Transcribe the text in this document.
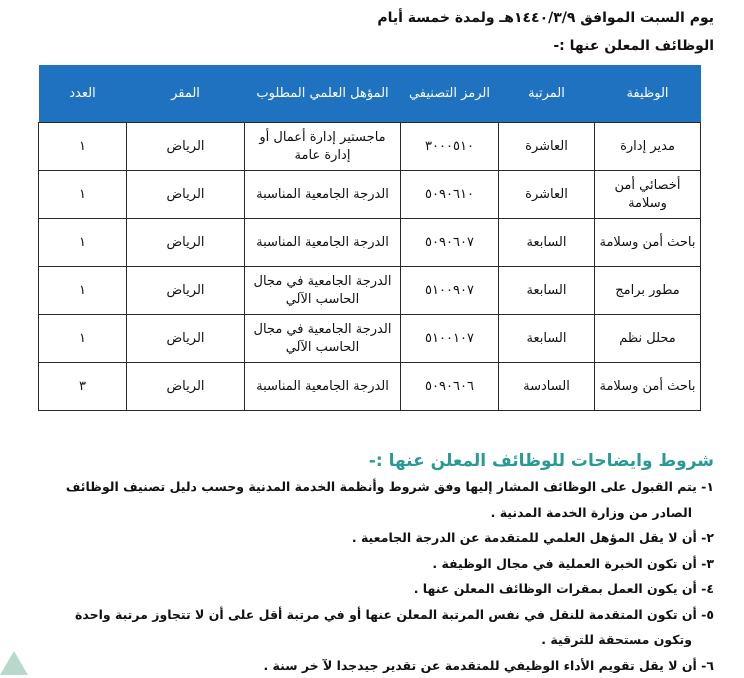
يوم السبت الموافق ١٤٤٠/٣/٩هـ ولمدة خمسة أيام
الوظائف المعلن عنها :-
الوظيفة	المرتبة	الرمز التصنيفي	المؤهل العلمي المطلوب	المقر	العدد
مدير إدارة	العاشرة	٣٠٠٠٥١٠	ماجستير إدارة أعمال أو إدارة عامة	الرياض	١
أخصائي أمن وسلامة	العاشرة	٥٠٩٠٦١٠	الدرجة الجامعية المناسبة	الرياض	١
باحث أمن وسلامة	السابعة	٥٠٩٠٦٠٧	الدرجة الجامعية المناسبة	الرياض	١
مطور برامج	السابعة	٥١٠٠٩٠٧	الدرجة الجامعية في مجال الحاسب الآلي	الرياض	١
محلل نظم	السابعة	٥١٠٠١٠٧	الدرجة الجامعية في مجال الحاسب الآلي	الرياض	١
باحث أمن وسلامة	السادسة	٥٠٩٠٦٠٦	الدرجة الجامعية المناسبة	الرياض	٣
شروط وايضاحات للوظائف المعلن عنها :-
١- يتم القبول على الوظائف المشار إليها وفق شروط وأنظمة الخدمة المدنية وحسب دليل تصنيف الوظائف
الصادر من وزارة الخدمة المدنية .
٢- أن لا يقل المؤهل العلمي للمتقدمة عن الدرجة الجامعية .
٣- أن تكون الخبرة العملية في مجال الوظيفة .
٤- أن يكون العمل بمقرات الوظائف المعلن عنها .
٥- أن تكون المتقدمة للنقل في نفس المرتبة المعلن عنها أو في مرتبة أقل على أن لا تتجاوز مرتبة واحدة
وتكون مستحقة للترقية .
٦- أن لا يقل تقويم الأداء الوظيفي للمتقدمة عن تقدير جيدجدا لآ خر سنة .
